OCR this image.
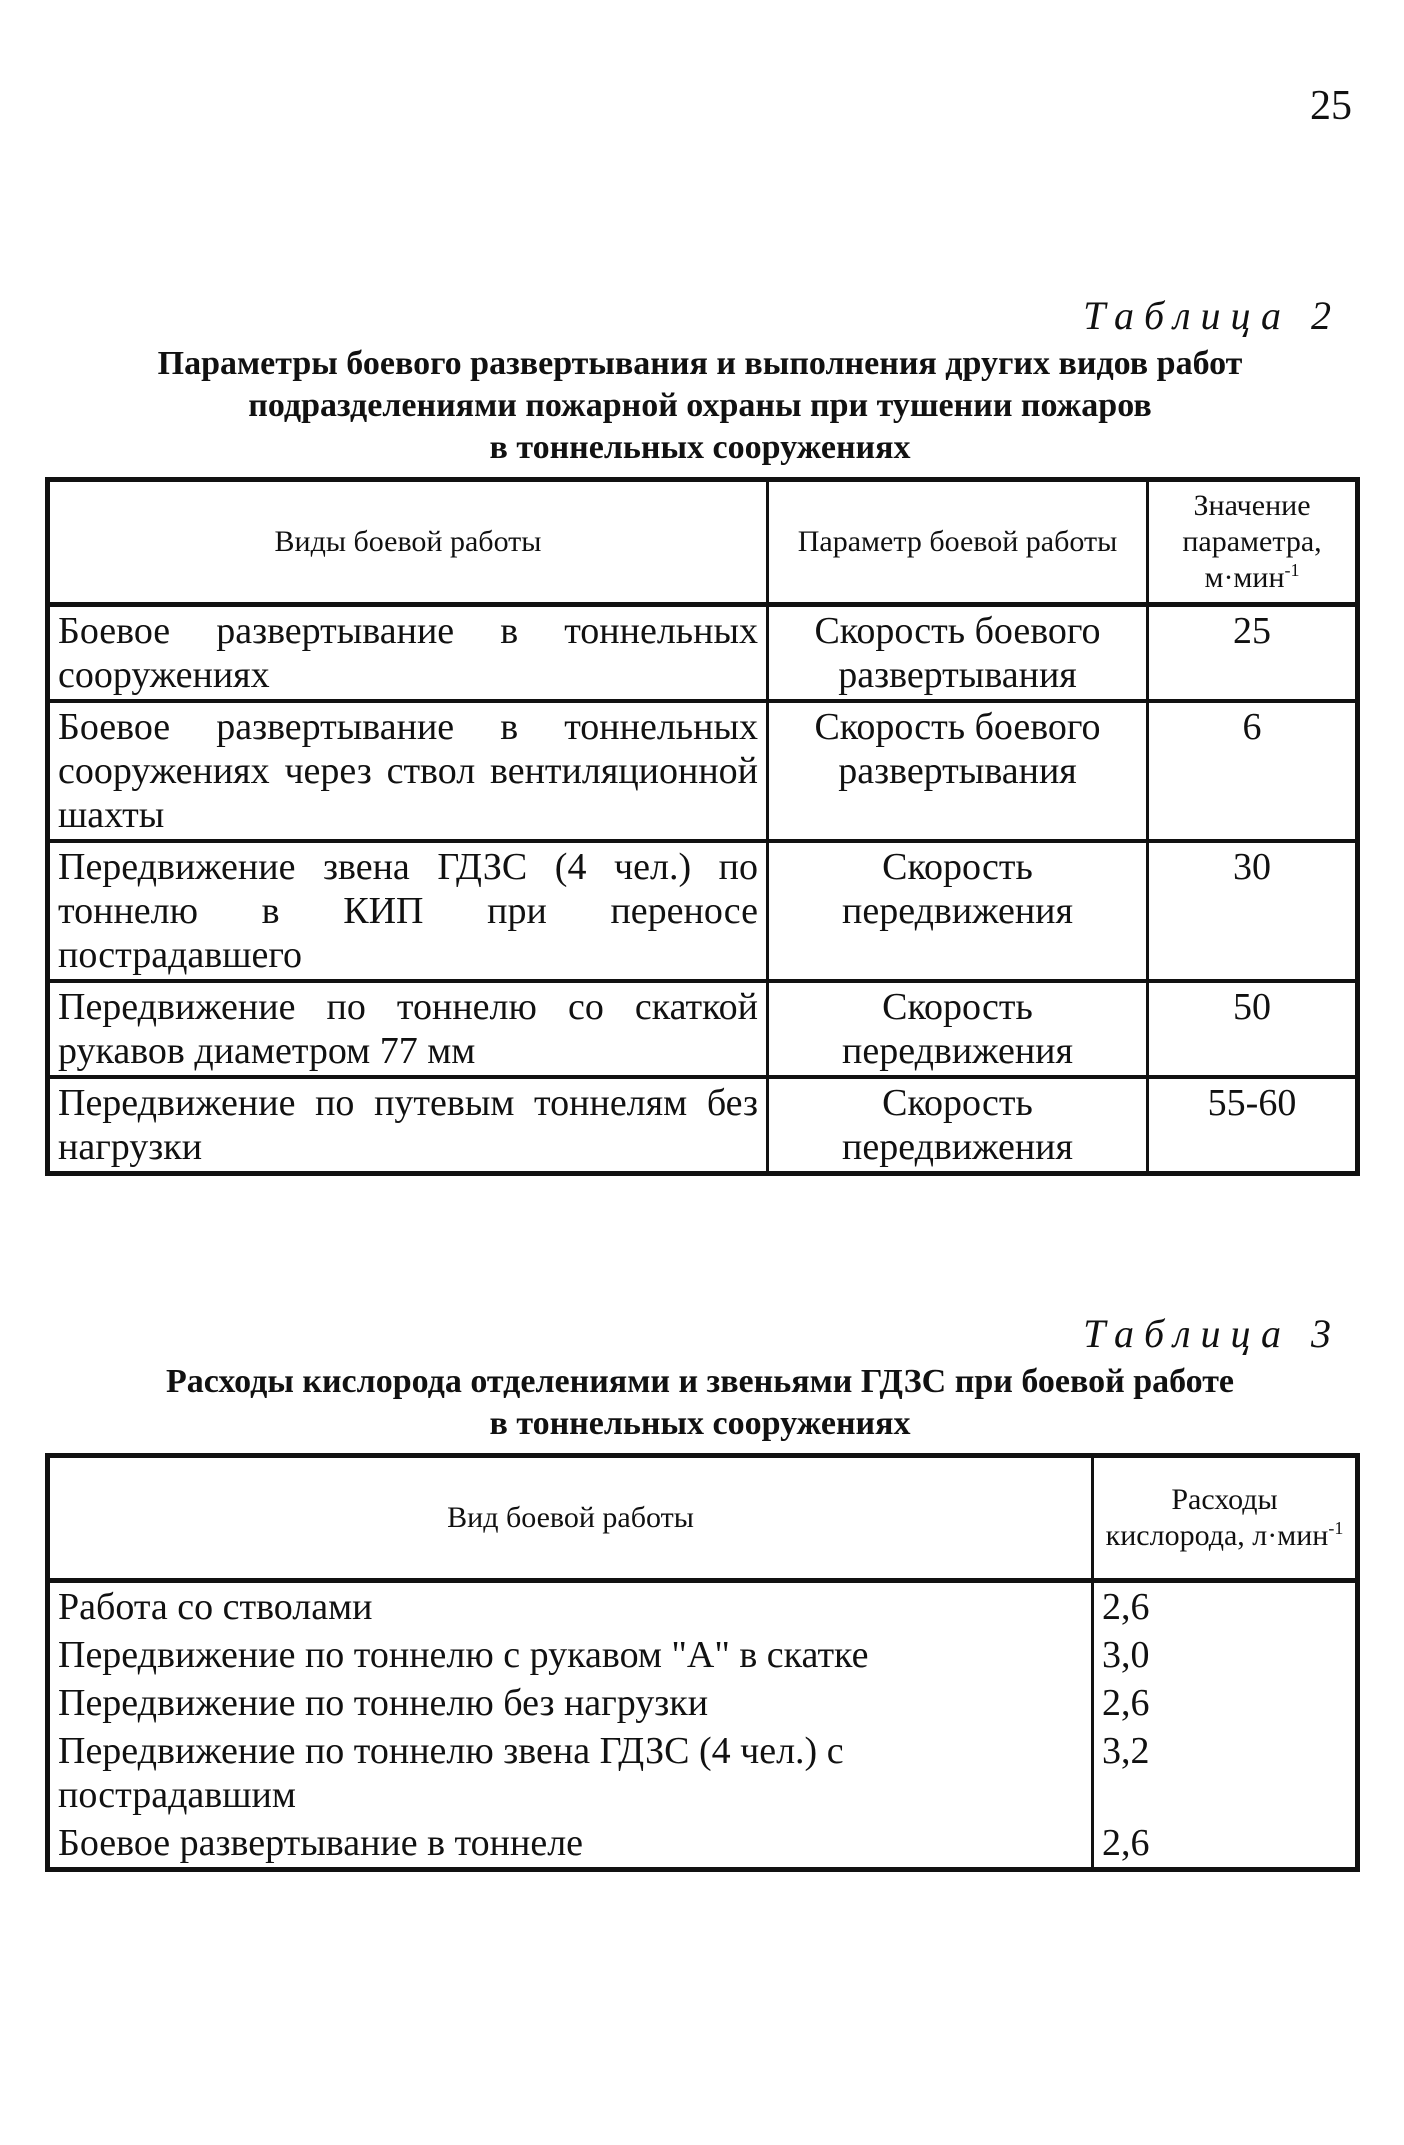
25
Таблица 2
Параметры боевого развертывания и выполнения других видов работ
подразделениями пожарной охраны при тушении пожаров
в тоннельных сооружениях
Виды боевой работы	Параметр боевой работы	Значение параметра, м·мин$^{-1}$
Боевое развертывание в тоннельных сооружениях	Скорость боевого развертывания	25
Боевое развертывание в тоннельных сооружениях через ствол вентиляционной шахты	Скорость боевого развертывания	6
Передвижение звена ГДЗС (4 чел.) по тоннелю в КИП при переносе пострадавшего	Скорость передвижения	30
Передвижение по тоннелю со скаткой рукавов диаметром 77 мм	Скорость передвижения	50
Передвижение по путевым тоннелям без нагрузки	Скорость передвижения	55-60
Таблица 3
Расходы кислорода отделениями и звеньями ГДЗС при боевой работе
в тоннельных сооружениях
Вид боевой работы	Расходы кислорода, л·мин$^{-1}$
Работа со стволами	2,6
Передвижение по тоннелю с рукавом "А" в скатке	3,0
Передвижение по тоннелю без нагрузки	2,6
Передвижение по тоннелю звена ГДЗС (4 чел.) с пострадавшим	3,2
Боевое развертывание в тоннеле	2,6
